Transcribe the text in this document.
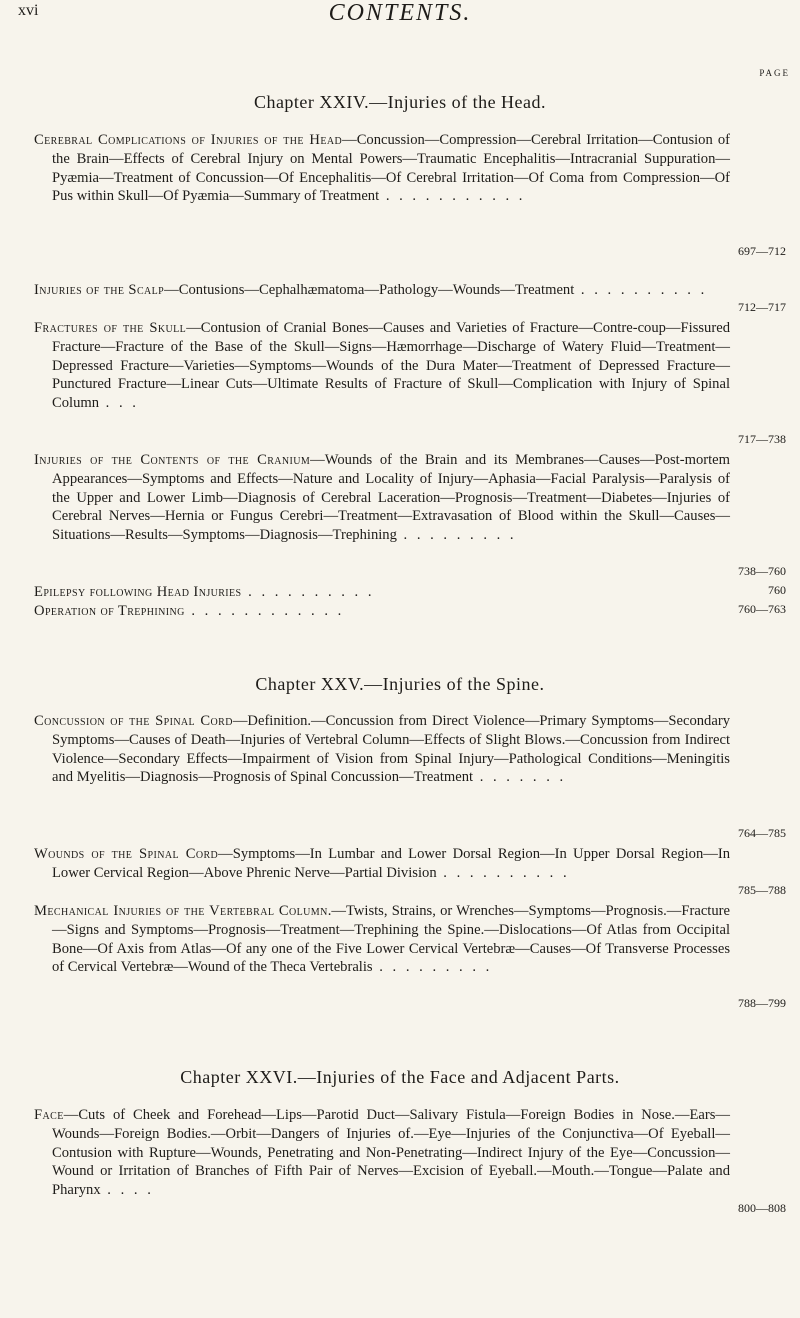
xvi	CONTENTS.
PAGE
Chapter XXIV.—Injuries of the Head.
Cerebral Complications of Injuries of the Head—Concussion—Compression—Cerebral Irritation—Contusion of the Brain—Effects of Cerebral Injury on Mental Powers—Traumatic Encephalitis—Intracranial Suppuration—Pyæmia—Treatment of Concussion—Of Encephalitis—Of Cerebral Irritation—Of Coma from Compression—Of Pus within Skull—Of Pyæmia—Summary of Treatment . . . . . . . . . . .
697—712
Injuries of the Scalp—Contusions—Cephalhæmatoma—Pathology—Wounds—Treatment . . . . . . . . . .
712—717
Fractures of the Skull—Contusion of Cranial Bones—Causes and Varieties of Fracture—Contre-coup—Fissured Fracture—Fracture of the Base of the Skull—Signs—Hæmorrhage—Discharge of Watery Fluid—Treatment—Depressed Fracture—Varieties—Symptoms—Wounds of the Dura Mater—Treatment of Depressed Fracture—Punctured Fracture—Linear Cuts—Ultimate Results of Fracture of Skull—Complication with Injury of Spinal Column . . .
717—738
Injuries of the Contents of the Cranium—Wounds of the Brain and its Membranes—Causes—Post-mortem Appearances—Symptoms and Effects—Nature and Locality of Injury—Aphasia—Facial Paralysis—Paralysis of the Upper and Lower Limb—Diagnosis of Cerebral Laceration—Prognosis—Treatment—Diabetes—Injuries of Cerebral Nerves—Hernia or Fungus Cerebri—Treatment—Extravasation of Blood within the Skull—Causes—Situations—Results—Symptoms—Diagnosis—Trephining . . . . . . . . .
738—760
Epilepsy following Head Injuries . . . . . . . . . .	760
Operation of Trephining . . . . . . . . . . . .	760—763
Chapter XXV.—Injuries of the Spine.
Concussion of the Spinal Cord—Definition.—Concussion from Direct Violence—Primary Symptoms—Secondary Symptoms—Causes of Death—Injuries of Vertebral Column—Effects of Slight Blows.—Concussion from Indirect Violence—Secondary Effects—Impairment of Vision from Spinal Injury—Pathological Conditions—Meningitis and Myelitis—Diagnosis—Prognosis of Spinal Concussion—Treatment . . . . . . .
764—785
Wounds of the Spinal Cord—Symptoms—In Lumbar and Lower Dorsal Region—In Upper Dorsal Region—In Lower Cervical Region—Above Phrenic Nerve—Partial Division . . . . . . . . . .
785—788
Mechanical Injuries of the Vertebral Column.—Twists, Strains, or Wrenches—Symptoms—Prognosis.—Fracture—Signs and Symptoms—Prognosis—Treatment—Trephining the Spine.—Dislocations—Of Atlas from Occipital Bone—Of Axis from Atlas—Of any one of the Five Lower Cervical Vertebræ—Causes—Of Transverse Processes of Cervical Vertebræ—Wound of the Theca Vertebralis . . . . . . . . .
788—799
Chapter XXVI.—Injuries of the Face and Adjacent Parts.
Face—Cuts of Cheek and Forehead—Lips—Parotid Duct—Salivary Fistula—Foreign Bodies in Nose.—Ears—Wounds—Foreign Bodies.—Orbit—Dangers of Injuries of.—Eye—Injuries of the Conjunctiva—Of Eyeball—Contusion with Rupture—Wounds, Penetrating and Non-Penetrating—Indirect Injury of the Eye—Concussion—Wound or Irritation of Branches of Fifth Pair of Nerves—Excision of Eyeball.—Mouth.—Tongue—Palate and Pharynx . . . .
800—808
